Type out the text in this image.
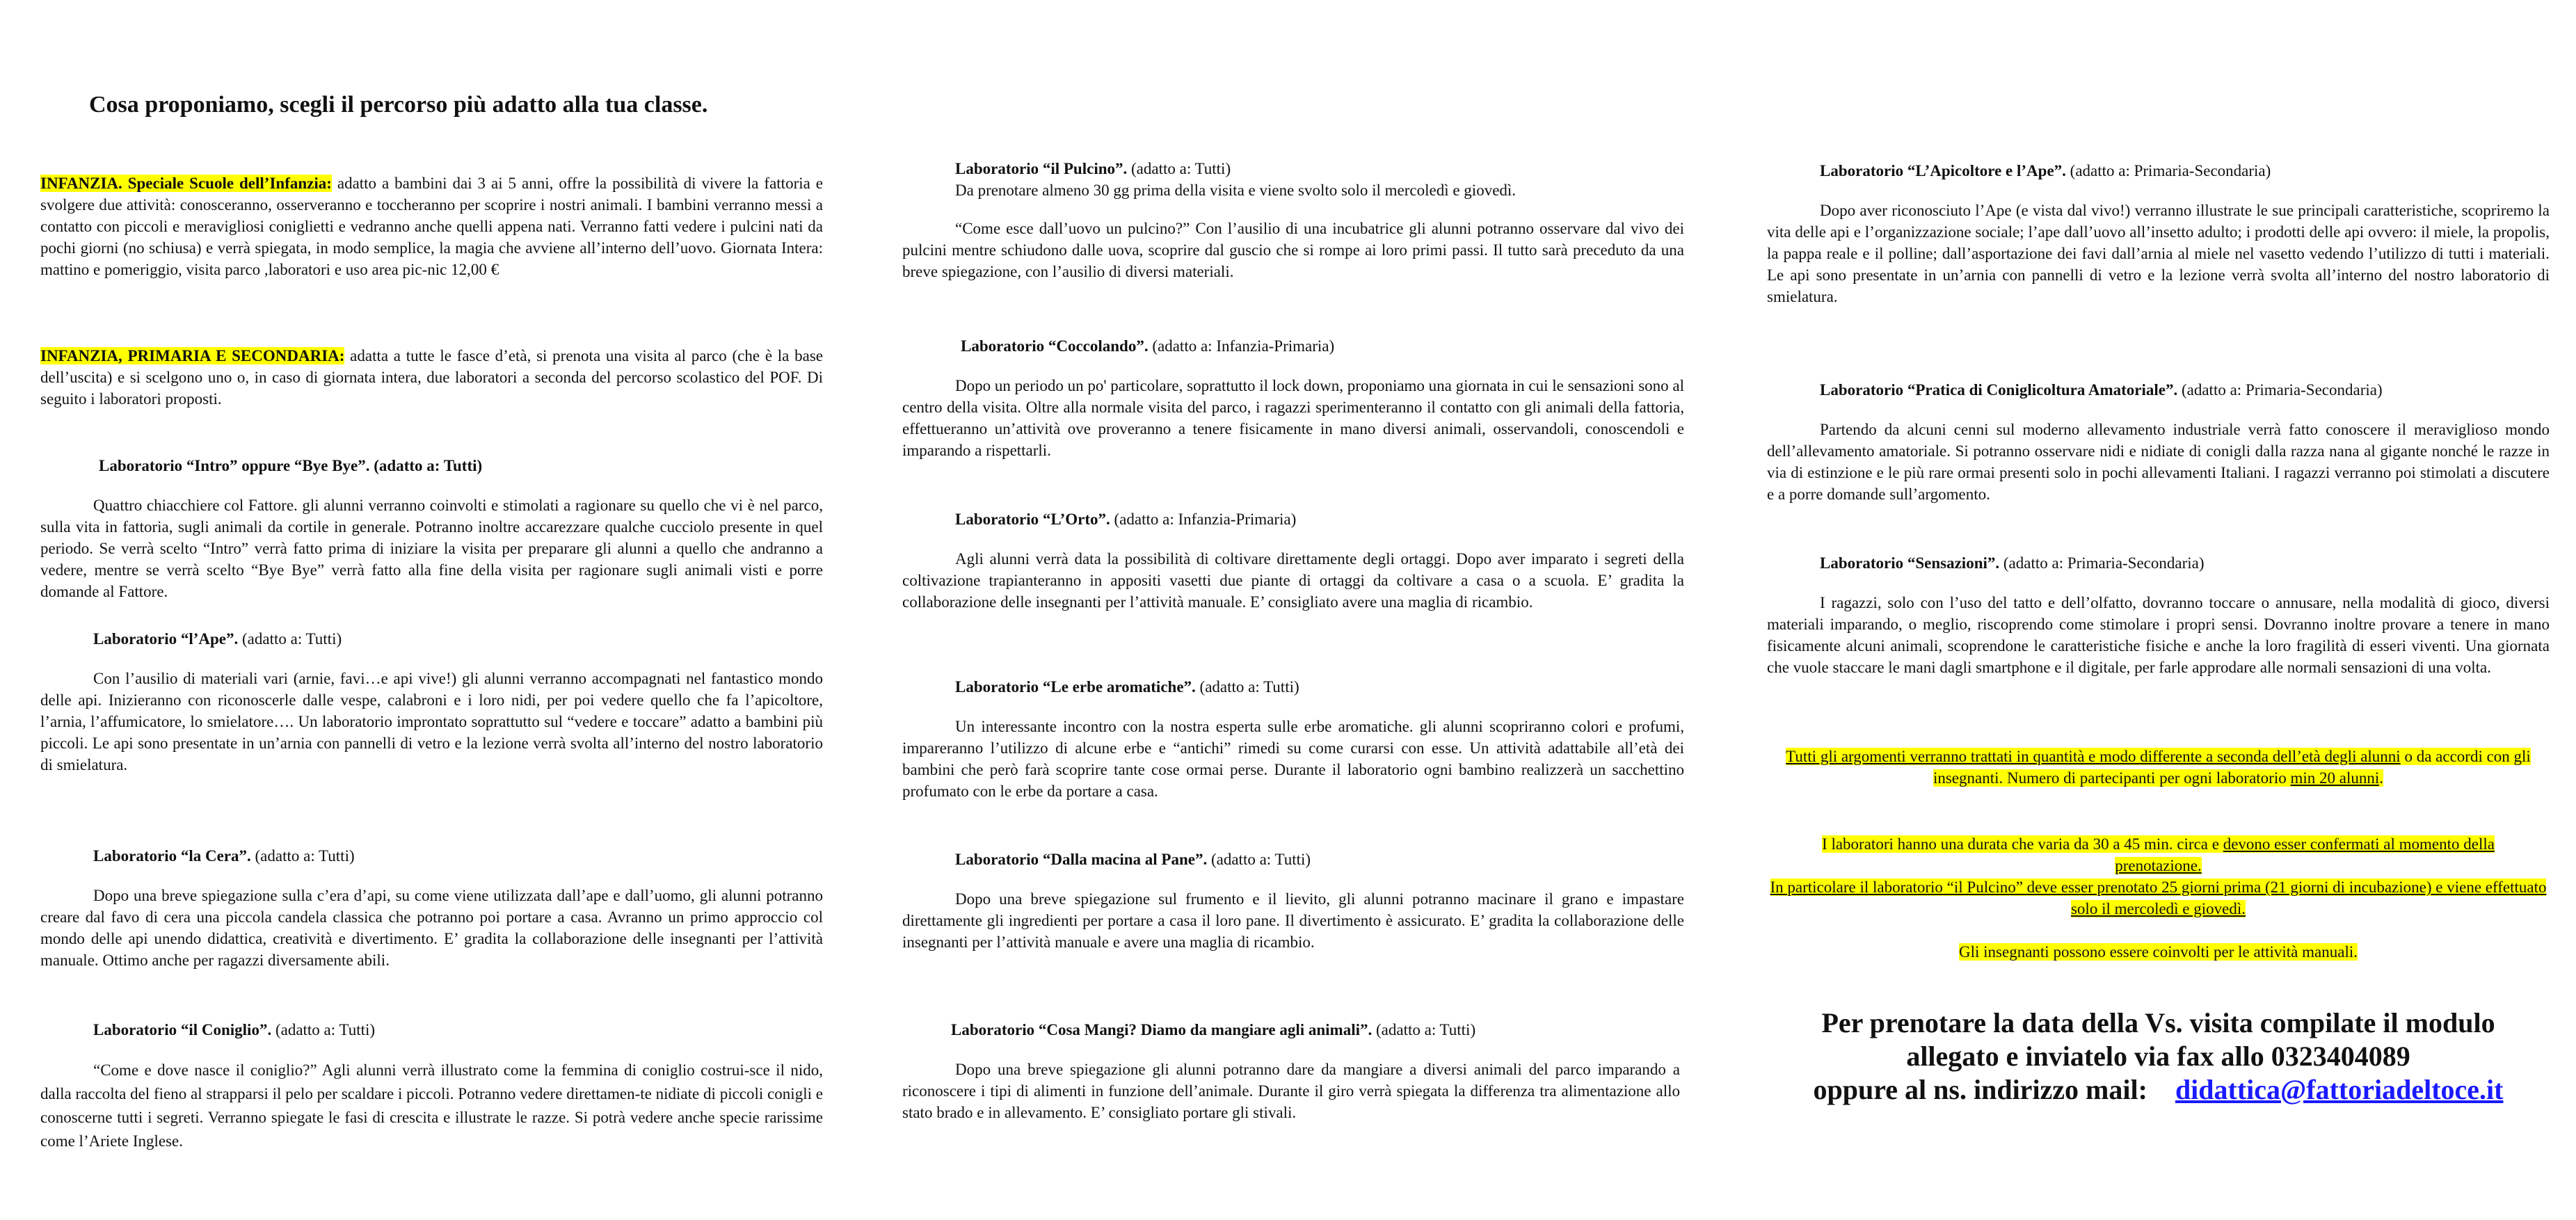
Cosa proponiamo, scegli il percorso più adatto alla tua classe.

INFANZIA. Speciale Scuole dell’Infanzia: adatto a bambini dai 3 ai 5 anni, offre la possibilità di vivere la fattoria e svolgere due attività: conosceranno, osserveranno e toccheranno per scoprire i nostri animali. I bambini verranno messi a contatto con piccoli e meravigliosi coniglietti e vedranno anche quelli appena nati. Verranno fatti vedere i pulcini nati da pochi giorni (no schiusa) e verrà spiegata, in modo semplice, la magia che avviene all’interno dell’uovo. Giornata Intera: mattino e pomeriggio, visita parco ,laboratori e uso area pic-nic 12,00 €

INFANZIA, PRIMARIA E SECONDARIA: adatta a tutte le fasce d’età, si prenota una visita al parco (che è la base dell’uscita) e si scelgono uno o, in caso di giornata intera, due laboratori a seconda del percorso scolastico del POF. Di seguito i laboratori proposti.

Laboratorio “Intro” oppure “Bye Bye”. (adatto a: Tutti)

Quattro chiacchiere col Fattore. gli alunni verranno coinvolti e stimolati a ragionare su quello che vi è nel parco, sulla vita in fattoria, sugli animali da cortile in generale. Potranno inoltre accarezzare qualche cucciolo presente in quel periodo. Se verrà scelto “Intro” verrà fatto prima di iniziare la visita per preparare gli alunni a quello che andranno a vedere, mentre se verrà scelto “Bye Bye” verrà fatto alla fine della visita per ragionare sugli animali visti e porre domande al Fattore.

Laboratorio “l’Ape”. (adatto a: Tutti)

Con l’ausilio di materiali vari (arnie, favi…e api vive!) gli alunni verranno accompagnati nel fantastico mondo delle api. Inizieranno con riconoscerle dalle vespe, calabroni e i loro nidi, per poi vedere quello che fa l’apicoltore, l’arnia, l’affumicatore, lo smielatore…. Un laboratorio improntato soprattutto sul “vedere e toccare” adatto a bambini più piccoli. Le api sono presentate in un’arnia con pannelli di vetro e la lezione verrà svolta all’interno del nostro laboratorio di smielatura.

Laboratorio “la Cera”. (adatto a: Tutti)

Dopo una breve spiegazione sulla c’era d’api, su come viene utilizzata dall’ape e dall’uomo, gli alunni potranno creare dal favo di cera una piccola candela classica che potranno poi portare a casa. Avranno un primo approccio col mondo delle api unendo didattica, creatività e divertimento. E’ gradita la collaborazione delle insegnanti per l’attività manuale. Ottimo anche per ragazzi diversamente abili.

Laboratorio “il Coniglio”. (adatto a: Tutti)

“Come e dove nasce il coniglio?” Agli alunni verrà illustrato come la femmina di coniglio costrui-sce il nido, dalla raccolta del fieno al strapparsi il pelo per scaldare i piccoli. Potranno vedere direttamen-te nidiate di piccoli conigli e conoscerne tutti i segreti. Verranno spiegate le fasi di crescita e illustrate le razze. Si potrà vedere anche specie rarissime come l’Ariete Inglese.

Laboratorio “il Pulcino”. (adatto a: Tutti)

Da prenotare almeno 30 gg prima della visita e viene svolto solo il mercoledì e giovedì.

“Come esce dall’uovo un pulcino?” Con l’ausilio di una incubatrice gli alunni potranno osservare dal vivo dei pulcini mentre schiudono dalle uova, scoprire dal guscio che si rompe ai loro primi passi. Il tutto sarà preceduto da una breve spiegazione, con l’ausilio di diversi materiali.

Laboratorio “Coccolando”. (adatto a: Infanzia-Primaria)

Dopo un periodo un po' particolare, soprattutto il lock down, proponiamo una giornata in cui le sensazioni sono al centro della visita. Oltre alla normale visita del parco, i ragazzi sperimenteranno il contatto con gli animali della fattoria, effettueranno un’attività ove proveranno a tenere fisicamente in mano diversi animali, osservandoli, conoscendoli e imparando a rispettarli.

Laboratorio “L’Orto”. (adatto a: Infanzia-Primaria)

Agli alunni verrà data la possibilità di coltivare direttamente degli ortaggi. Dopo aver imparato i segreti della coltivazione trapianteranno in appositi vasetti due piante di ortaggi da coltivare a casa o a scuola. E’ gradita la collaborazione delle insegnanti per l’attività manuale. E’ consigliato avere una maglia di ricambio.

Laboratorio “Le erbe aromatiche”. (adatto a: Tutti)

Un interessante incontro con la nostra esperta sulle erbe aromatiche. gli alunni scopriranno colori e profumi, impareranno l’utilizzo di alcune erbe e “antichi” rimedi su come curarsi con esse. Un attività adattabile all’età dei bambini che però farà scoprire tante cose ormai perse. Durante il laboratorio ogni bambino realizzerà un sacchettino profumato con le erbe da portare a casa.

Laboratorio “Dalla macina al Pane”. (adatto a: Tutti)

Dopo una breve spiegazione sul frumento e il lievito, gli alunni potranno macinare il grano e impastare direttamente gli ingredienti per portare a casa il loro pane. Il divertimento è assicurato. E’ gradita la collaborazione delle insegnanti per l’attività manuale e avere una maglia di ricambio.

Laboratorio “Cosa Mangi? Diamo da mangiare agli animali”. (adatto a: Tutti)

Dopo una breve spiegazione gli alunni potranno dare da mangiare a diversi animali del parco imparando a riconoscere i tipi di alimenti in funzione dell’animale. Durante il giro verrà spiegata la differenza tra alimentazione allo stato brado e in allevamento. E’ consigliato portare gli stivali.

Laboratorio “L’Apicoltore e l’Ape”. (adatto a: Primaria-Secondaria)

Dopo aver riconosciuto l’Ape (e vista dal vivo!) verranno illustrate le sue principali caratteristiche, scopriremo la vita delle api e l’organizzazione sociale; l’ape dall’uovo all’insetto adulto; i prodotti delle api ovvero: il miele, la propolis, la pappa reale e il polline; dall’asportazione dei favi dall’arnia al miele nel vasetto vedendo l’utilizzo di tutti i materiali. Le api sono presentate in un’arnia con pannelli di vetro e la lezione verrà svolta all’interno del nostro laboratorio di smielatura.

Laboratorio “Pratica di Coniglicoltura Amatoriale”. (adatto a: Primaria-Secondaria)

Partendo da alcuni cenni sul moderno allevamento industriale verrà fatto conoscere il meraviglioso mondo dell’allevamento amatoriale. Si potranno osservare nidi e nidiate di conigli dalla razza nana al gigante nonché le razze in via di estinzione e le più rare ormai presenti solo in pochi allevamenti Italiani. I ragazzi verranno poi stimolati a discutere e a porre domande sull’argomento.

Laboratorio “Sensazioni”. (adatto a: Primaria-Secondaria)

I ragazzi, solo con l’uso del tatto e dell’olfatto, dovranno toccare o annusare, nella modalità di gioco, diversi materiali imparando, o meglio, riscoprendo come stimolare i propri sensi. Dovranno inoltre provare a tenere in mano fisicamente alcuni animali, scoprendone le caratteristiche fisiche e anche la loro fragilità di esseri viventi. Una giornata che vuole staccare le mani dagli smartphone e il digitale, per farle approdare alle normali sensazioni di una volta.

Tutti gli argomenti verranno trattati in quantità e modo differente a seconda dell’età degli alunni o da accordi con gli insegnanti. Numero di partecipanti per ogni laboratorio min 20 alunni.
I laboratori hanno una durata che varia da 30 a 45 min. circa e devono esser confermati al momento della prenotazione.
In particolare il laboratorio “il Pulcino” deve esser prenotato 25 giorni prima (21 giorni di incubazione) e viene effettuato solo il mercoledì e giovedì.
Gli insegnanti possono essere coinvolti per le attività manuali.
Per prenotare la data della Vs. visita compilate il modulo
allegato e inviatelo via fax allo 0323404089
oppure al ns. indirizzo mail: didattica@fattoriadeltoce.it
